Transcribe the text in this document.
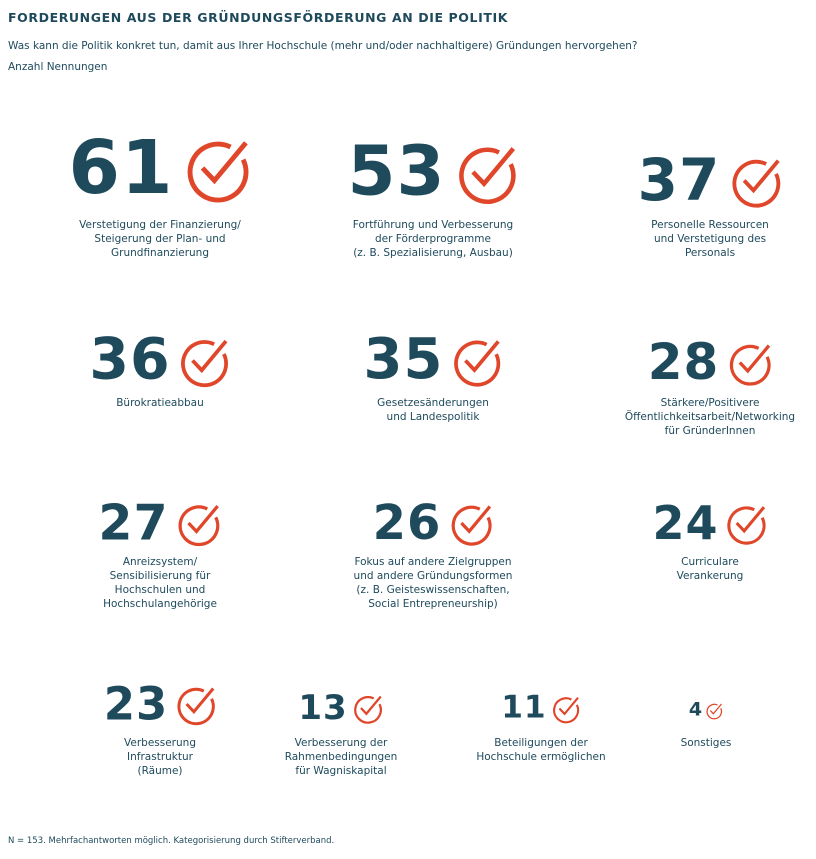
FORDERUNGEN AUS DER GRÜNDUNGSFÖRDERUNG AN DIE POLITIK

Was kann die Politik konkret tun, damit aus Ihrer Hochschule (mehr und/oder nachhaltigere) Gründungen hervorgehen?

Anzahl Nennungen

61
Verstetigung der Finanzierung/
Steigerung der Plan- und
Grundfinanzierung
53
Fortführung und Verbesserung
der Förderprogramme
(z. B. Spezialisierung, Ausbau)
37
Personelle Ressourcen
und Verstetigung des
Personals
36
Bürokratieabbau
35
Gesetzesänderungen
und Landespolitik
28
Stärkere/Positivere
Öffentlichkeitsarbeit/Networking
für GründerInnen
27
Anreizsystem/
Sensibilisierung für
Hochschulen und
Hochschulangehörige
26
Fokus auf andere Zielgruppen
und andere Gründungsformen
(z. B. Geisteswissenschaften,
Social Entrepreneurship)
24
Curriculare
Verankerung
23
Verbesserung
Infrastruktur
(Räume)
13
Verbesserung der
Rahmenbedingungen
für Wagniskapital
11
Beteiligungen der
Hochschule ermöglichen
4
Sonstiges

N = 153. Mehrfachantworten möglich. Kategorisierung durch Stifterverband.
